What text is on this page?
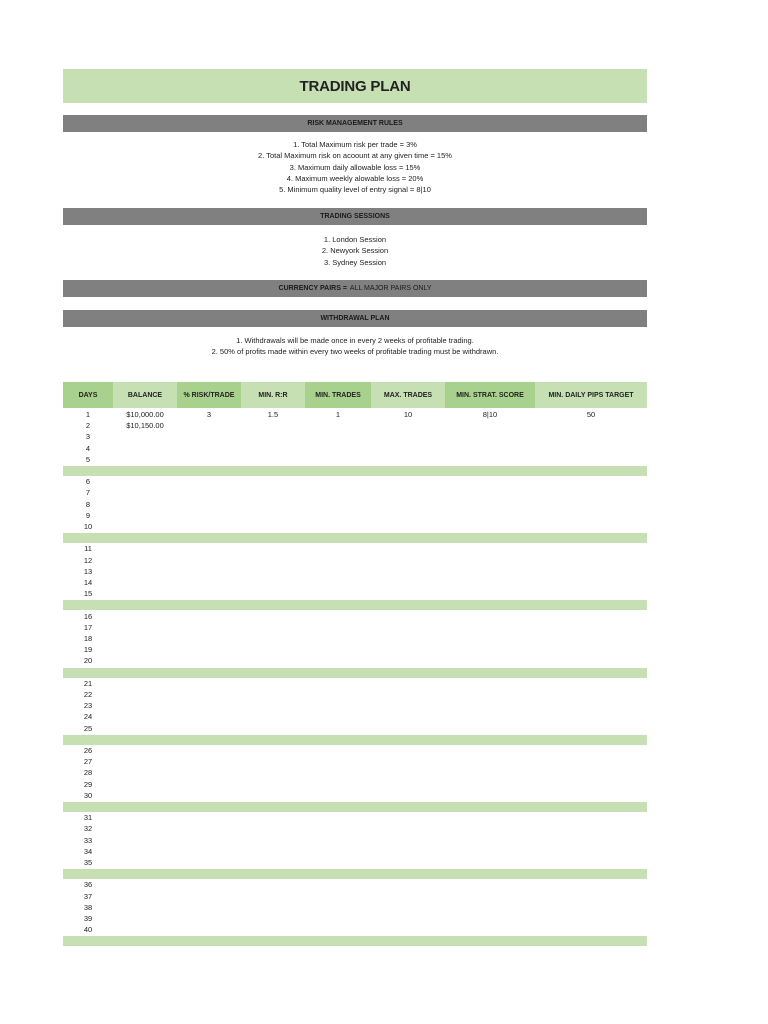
TRADING PLAN
RISK MANAGEMENT RULES
1. Total Maximum risk per trade = 3%
2. Total Maximum risk on acoount at any given time = 15%
3. Maximum daily allowable loss = 15%
4. Maximum weekly alowable loss = 20%
5. Minimum quality level of entry signal = 8|10
TRADING SESSIONS
1. London Session
2. Newyork Session
3. Sydney Session
CURRENCY PAIRS = ALL MAJOR PAIRS ONLY
WITHDRAWAL PLAN
1. Withdrawals will be made once in every 2 weeks of profitable trading.
2. 50% of profits made within every two weeks of profitable trading must be withdrawn.
DAYS	BALANCE	% RISK/TRADE	MIN. R:R	MIN. TRADES	MAX. TRADES	MIN. STRAT. SCORE	MIN. DAILY PIPS TARGET
1	$10,000.00	3	1.5	1	10	8|10	50
2	$10,150.00
3
4
5
6
7
8
9
10
11
12
13
14
15
16
17
18
19
20
21
22
23
24
25
26
27
28
29
30
31
32
33
34
35
36
37
38
39
40
